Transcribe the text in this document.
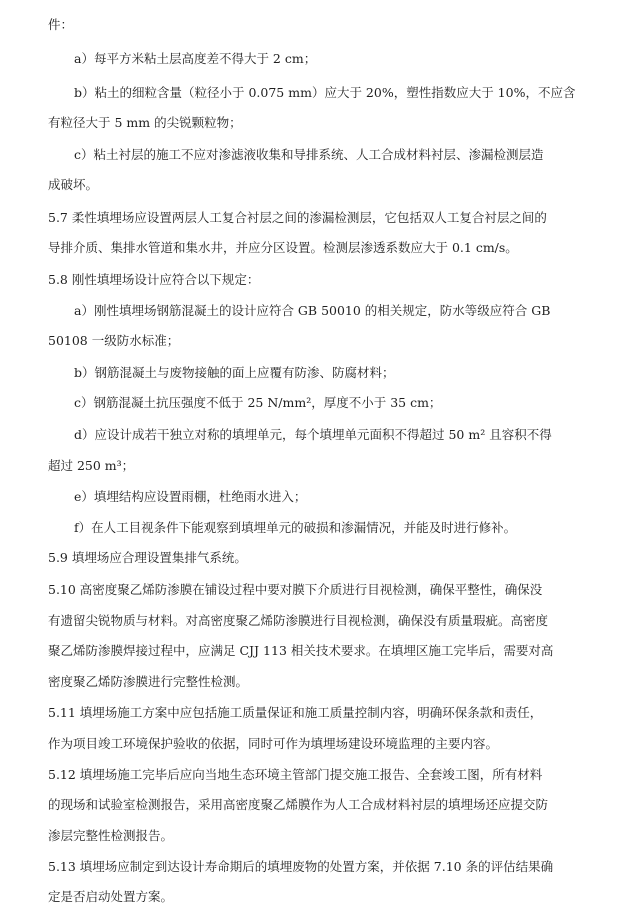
件：
a）每平方米粘土层高度差不得大于 2 cm；
b）粘土的细粒含量（粒径小于 0.075 mm）应大于 20%，塑性指数应大于 10%，不应含
有粒径大于 5 mm 的尖锐颗粒物；
c）粘土衬层的施工不应对渗滤液收集和导排系统、人工合成材料衬层、渗漏检测层造
成破坏。
5.7 柔性填埋场应设置两层人工复合衬层之间的渗漏检测层，它包括双人工复合衬层之间的
导排介质、集排水管道和集水井，并应分区设置。检测层渗透系数应大于 0.1 cm/s。
5.8 刚性填埋场设计应符合以下规定：
a）刚性填埋场钢筋混凝土的设计应符合 GB 50010 的相关规定，防水等级应符合 GB
50108 一级防水标准；
b）钢筋混凝土与废物接触的面上应覆有防渗、防腐材料；
c）钢筋混凝土抗压强度不低于 25 N/mm²，厚度不小于 35 cm；
d）应设计成若干独立对称的填埋单元，每个填埋单元面积不得超过 50 m² 且容积不得
超过 250 m³；
e）填埋结构应设置雨棚，杜绝雨水进入；
f）在人工目视条件下能观察到填埋单元的破损和渗漏情况，并能及时进行修补。
5.9 填埋场应合理设置集排气系统。
5.10 高密度聚乙烯防渗膜在铺设过程中要对膜下介质进行目视检测，确保平整性，确保没
有遗留尖锐物质与材料。对高密度聚乙烯防渗膜进行目视检测，确保没有质量瑕疵。高密度
聚乙烯防渗膜焊接过程中，应满足 CJJ 113 相关技术要求。在填埋区施工完毕后，需要对高
密度聚乙烯防渗膜进行完整性检测。
5.11 填埋场施工方案中应包括施工质量保证和施工质量控制内容，明确环保条款和责任，
作为项目竣工环境保护验收的依据，同时可作为填埋场建设环境监理的主要内容。
5.12 填埋场施工完毕后应向当地生态环境主管部门提交施工报告、全套竣工图，所有材料
的现场和试验室检测报告，采用高密度聚乙烯膜作为人工合成材料衬层的填埋场还应提交防
渗层完整性检测报告。
5.13 填埋场应制定到达设计寿命期后的填埋废物的处置方案，并依据 7.10 条的评估结果确
定是否启动处置方案。
